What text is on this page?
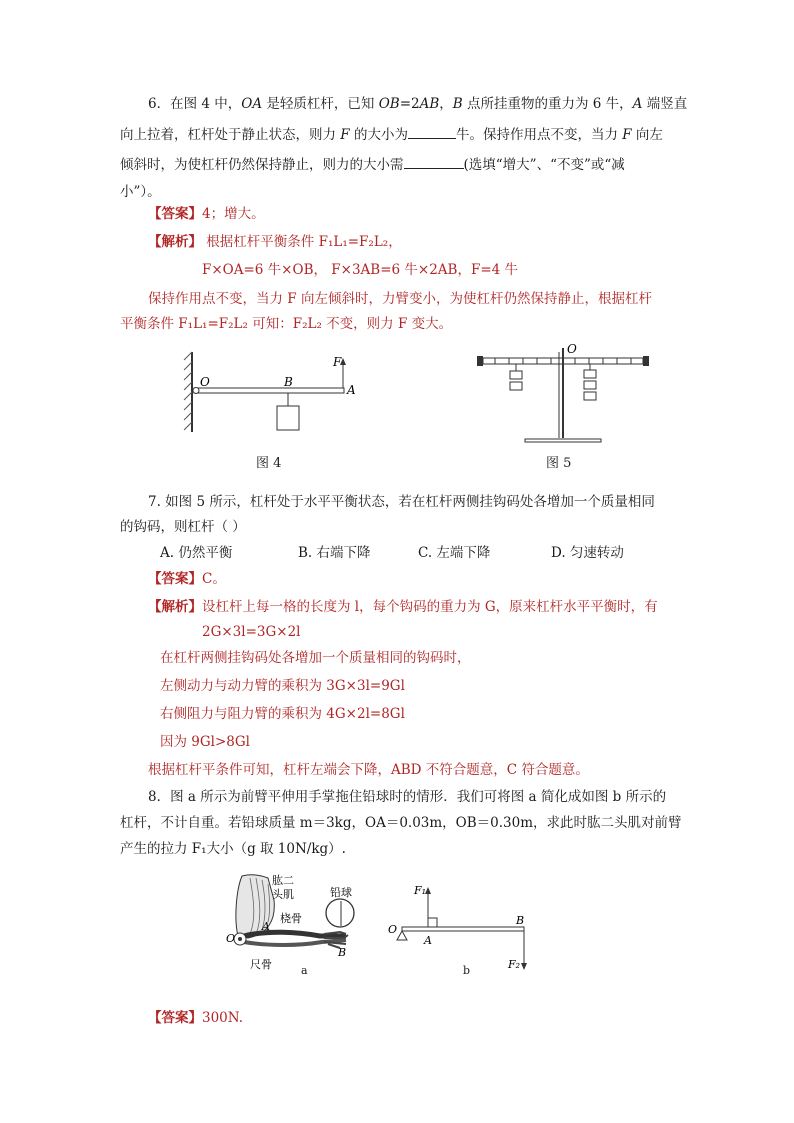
6．在图 4 中，OA 是轻质杠杆，已知 OB=2AB，B 点所挂重物的重力为 6 牛，A 端竖直
向上拉着，杠杆处于静止状态，则力 F 的大小为	牛。保持作用点不变，当力 F 向左
倾斜时，为使杠杆仍然保持静止，则力的大小需	(选填“增大”、“不变”或“减
小”）。
【答案】4；增大。
【解析】 根据杠杆平衡条件 F₁L₁=F₂L₂，
F×OA=6 牛×OB， F×3AB=6 牛×2AB，F=4 牛
保持作用点不变，当力 F 向左倾斜时，力臂变小，为使杠杆仍然保持静止，根据杠杆
平衡条件 F₁L₁=F₂L₂ 可知：F₂L₂ 不变，则力 F 变大。
O	B
A
F
图 4
O
图 5
7. 如图 5 所示，杠杆处于水平平衡状态，若在杠杆两侧挂钩码处各增加一个质量相同
的钩码，则杠杆（ ）
A. 仍然平衡	B. 右端下降	C. 左端下降	D. 匀速转动
【答案】C。
【解析】设杠杆上每一格的长度为 l，每个钩码的重力为 G，原来杠杆水平平衡时，有
2G×3l=3G×2l
在杠杆两侧挂钩码处各增加一个质量相同的钩码时，
左侧动力与动力臂的乘积为 3G×3l=9Gl
右侧阻力与阻力臂的乘积为 4G×2l=8Gl
因为 9Gl>8Gl
根据杠杆平条件可知，杠杆左端会下降，ABD 不符合题意，C 符合题意。
8．图 a 所示为前臂平伸用手掌拖住铅球时的情形．我们可将图 a 简化成如图 b 所示的
杠杆，不计自重。若铅球质量 m＝3kg，OA＝0.03m，OB＝0.30m，求此时肱二头肌对前臂
产生的拉力 F₁大小（g 取 10N/kg）.
肱二
头肌	铅球
桡骨
尺骨
O
A
B
a
F₁
F₂
O
A
B
b
【答案】300N.
